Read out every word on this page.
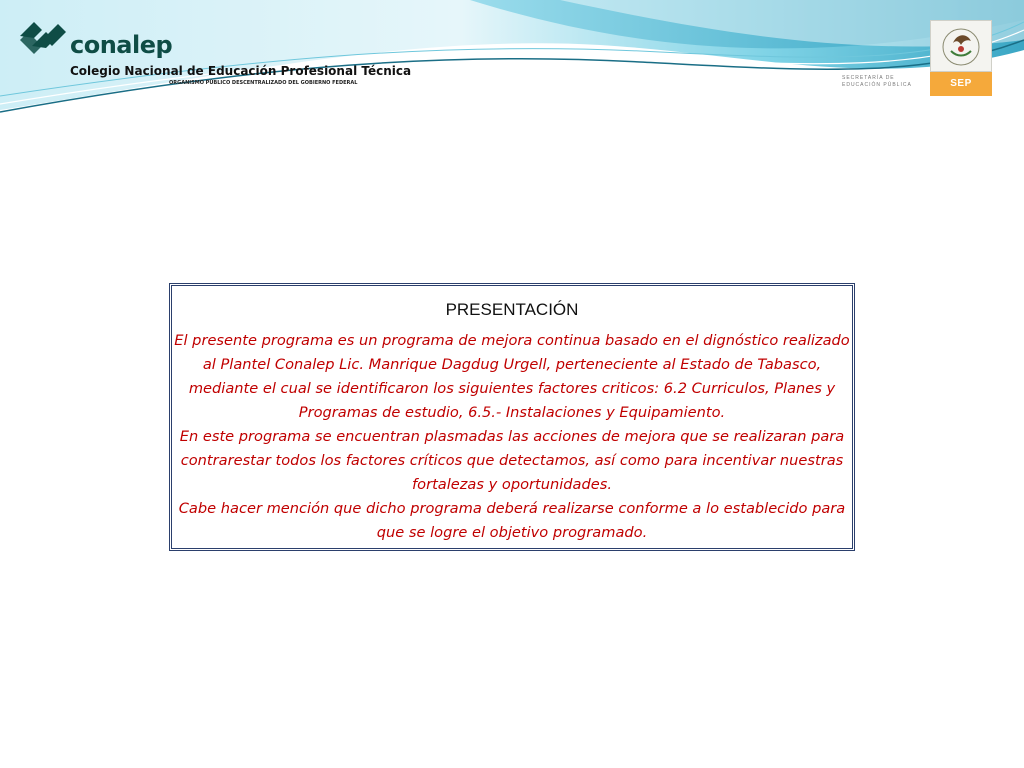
conalep
Colegio Nacional de Educación Profesional Técnica
ORGANISMO PÚBLICO DESCENTRALIZADO DEL GOBIERNO FEDERAL
SECRETARÍA DE
EDUCACIÓN PÚBLICA	SEP
PRESENTACIÓN

El presente programa es un programa de mejora continua basado en el dignóstico realizado al Plantel Conalep Lic. Manrique Dagdug Urgell, perteneciente al Estado de Tabasco, mediante el cual se identificaron los siguientes factores criticos: 6.2 Curriculos, Planes y Programas de estudio, 6.5.- Instalaciones y Equipamiento.

En este programa se encuentran plasmadas las acciones de mejora que se realizaran para contrarestar todos los factores críticos que detectamos, así como para incentivar nuestras fortalezas y oportunidades.

Cabe hacer mención que dicho programa deberá realizarse conforme a lo establecido para que se logre el objetivo programado.
